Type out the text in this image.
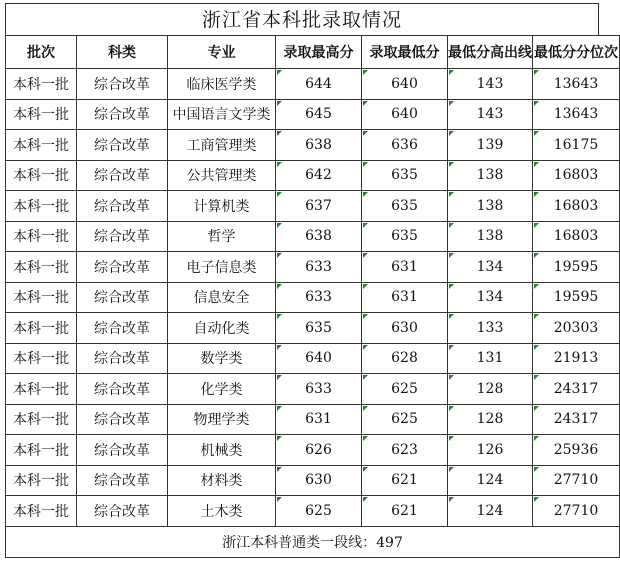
浙江省本科批录取情况
批次	科类	专业	录取最高分	录取最低分	最低分高出线	最低分分位次
本科一批	综合改革	临床医学类	644	640	143	13643
本科一批	综合改革	中国语言文学类	645	640	143	13643
本科一批	综合改革	工商管理类	638	636	139	16175
本科一批	综合改革	公共管理类	642	635	138	16803
本科一批	综合改革	计算机类	637	635	138	16803
本科一批	综合改革	哲学	638	635	138	16803
本科一批	综合改革	电子信息类	633	631	134	19595
本科一批	综合改革	信息安全	633	631	134	19595
本科一批	综合改革	自动化类	635	630	133	20303
本科一批	综合改革	数学类	640	628	131	21913
本科一批	综合改革	化学类	633	625	128	24317
本科一批	综合改革	物理学类	631	625	128	24317
本科一批	综合改革	机械类	626	623	126	25936
本科一批	综合改革	材料类	630	621	124	27710
本科一批	综合改革	土木类	625	621	124	27710
浙江本科普通类一段线：497						
